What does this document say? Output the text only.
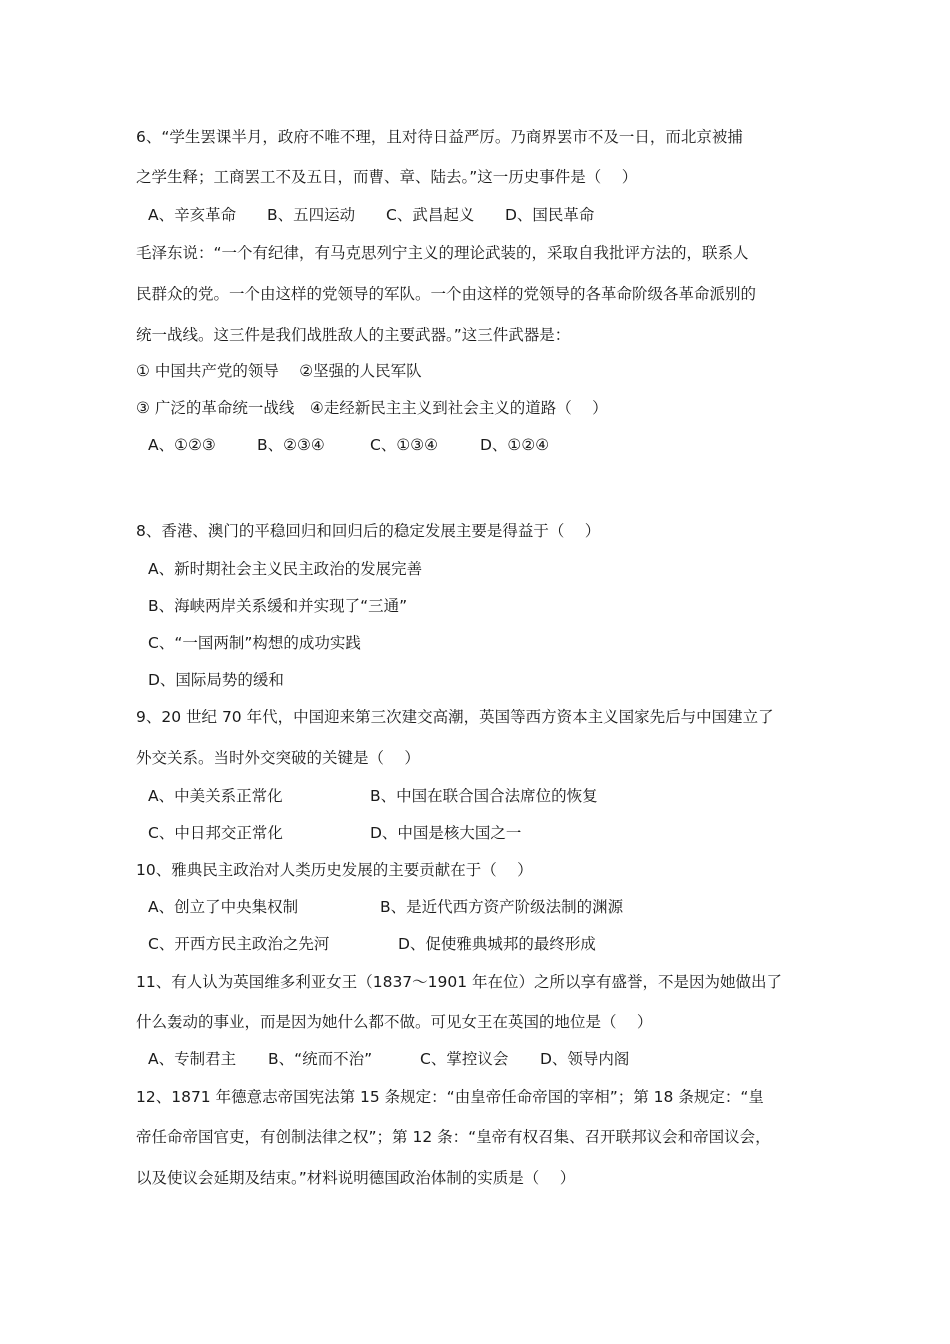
6、“学生罢课半月，政府不唯不理，且对待日益严厉。乃商界罢市不及一日，而北京被捕
之学生释；工商罢工不及五日，而曹、章、陆去。”这一历史事件是（　 ）
A、辛亥革命 B、五四运动 C、武昌起义 D、国民革命
毛泽东说：“一个有纪律，有马克思列宁主义的理论武装的，采取自我批评方法的，联系人
民群众的党。一个由这样的党领导的军队。一个由这样的党领导的各革命阶级各革命派别的
统一战线。这三件是我们战胜敌人的主要武器。”这三件武器是：
① 中国共产党的领导　 ②坚强的人民军队
③ 广泛的革命统一战线　④走经新民主主义到社会主义的道路（　 ）
A、①②③	B、②③④	C、①③④	D、①②④
8、香港、澳门的平稳回归和回归后的稳定发展主要是得益于（　 ）
A、新时期社会主义民主政治的发展完善
B、海峡两岸关系缓和并实现了“三通”
C、“一国两制”构想的成功实践
D、国际局势的缓和
9、20 世纪 70 年代，中国迎来第三次建交高潮，英国等西方资本主义国家先后与中国建立了
外交关系。当时外交突破的关键是（　 ）
A、中美关系正常化	B、中国在联合国合法席位的恢复
C、中日邦交正常化	D、中国是核大国之一
10、雅典民主政治对人类历史发展的主要贡献在于（　 ）
A、创立了中央集权制	B、是近代西方资产阶级法制的渊源
C、开西方民主政治之先河	D、促使雅典城邦的最终形成
11、有人认为英国维多利亚女王（1837～1901 年在位）之所以享有盛誉，不是因为她做出了
什么轰动的事业，而是因为她什么都不做。可见女王在英国的地位是（　 ）
A、专制君主 B、“统而不治”	C、掌控议会 D、领导内阁
12、1871 年德意志帝国宪法第 15 条规定：“由皇帝任命帝国的宰相”；第 18 条规定：“皇
帝任命帝国官吏，有创制法律之权”；第 12 条：“皇帝有权召集、召开联邦议会和帝国议会，
以及使议会延期及结束。”材料说明德国政治体制的实质是（　 ）
